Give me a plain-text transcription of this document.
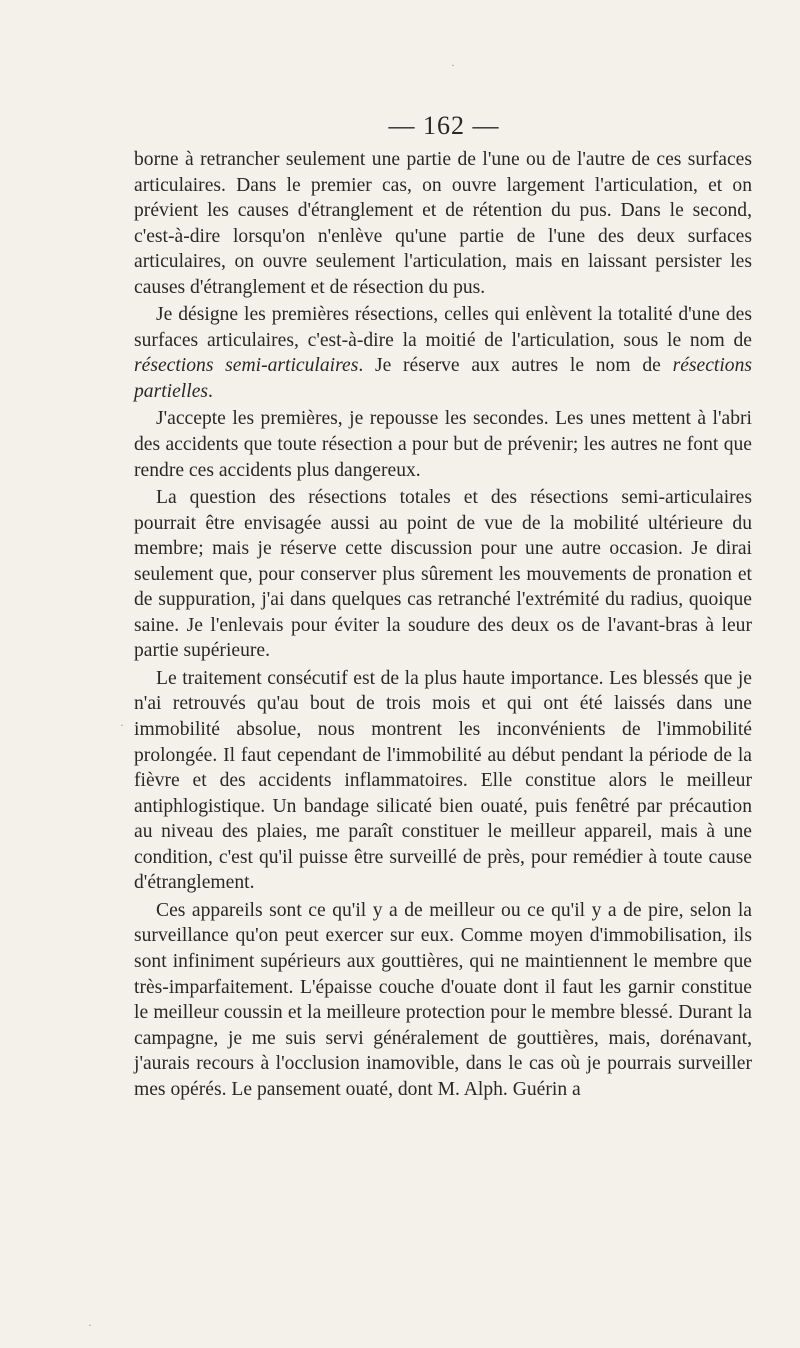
— 162 —

borne à retrancher seulement une partie de l'une ou de l'autre de ces surfaces articulaires. Dans le premier cas, on ouvre largement l'articulation, et on prévient les causes d'étranglement et de rétention du pus. Dans le second, c'est-à-dire lorsqu'on n'enlève qu'une partie de l'une des deux surfaces articulaires, on ouvre seulement l'articulation, mais en laissant persister les causes d'étranglement et de résection du pus.

Je désigne les premières résections, celles qui enlèvent la totalité d'une des surfaces articulaires, c'est-à-dire la moitié de l'articulation, sous le nom de résections semi-articulaires. Je réserve aux autres le nom de résections partielles.

J'accepte les premières, je repousse les secondes. Les unes mettent à l'abri des accidents que toute résection a pour but de prévenir; les autres ne font que rendre ces accidents plus dangereux.

La question des résections totales et des résections semi-articulaires pourrait être envisagée aussi au point de vue de la mobilité ultérieure du membre; mais je réserve cette discussion pour une autre occasion. Je dirai seulement que, pour conserver plus sûrement les mouvements de pronation et de suppuration, j'ai dans quelques cas retranché l'extrémité du radius, quoique saine. Je l'enlevais pour éviter la soudure des deux os de l'avant-bras à leur partie supérieure.

Le traitement consécutif est de la plus haute importance. Les blessés que je n'ai retrouvés qu'au bout de trois mois et qui ont été laissés dans une immobilité absolue, nous montrent les inconvénients de l'immobilité prolongée. Il faut cependant de l'immobilité au début pendant la période de la fièvre et des accidents inflammatoires. Elle constitue alors le meilleur antiphlogistique. Un bandage silicaté bien ouaté, puis fenêtré par précaution au niveau des plaies, me paraît constituer le meilleur appareil, mais à une condition, c'est qu'il puisse être surveillé de près, pour remédier à toute cause d'étranglement.

Ces appareils sont ce qu'il y a de meilleur ou ce qu'il y a de pire, selon la surveillance qu'on peut exercer sur eux. Comme moyen d'immobilisation, ils sont infiniment supérieurs aux gouttières, qui ne maintiennent le membre que très-imparfaitement. L'épaisse couche d'ouate dont il faut les garnir constitue le meilleur coussin et la meilleure protection pour le membre blessé. Durant la campagne, je me suis servi généralement de gouttières, mais, dorénavant, j'aurais recours à l'occlusion inamovible, dans le cas où je pourrais surveiller mes opérés. Le pansement ouaté, dont M. Alph. Guérin a

·
·
·
